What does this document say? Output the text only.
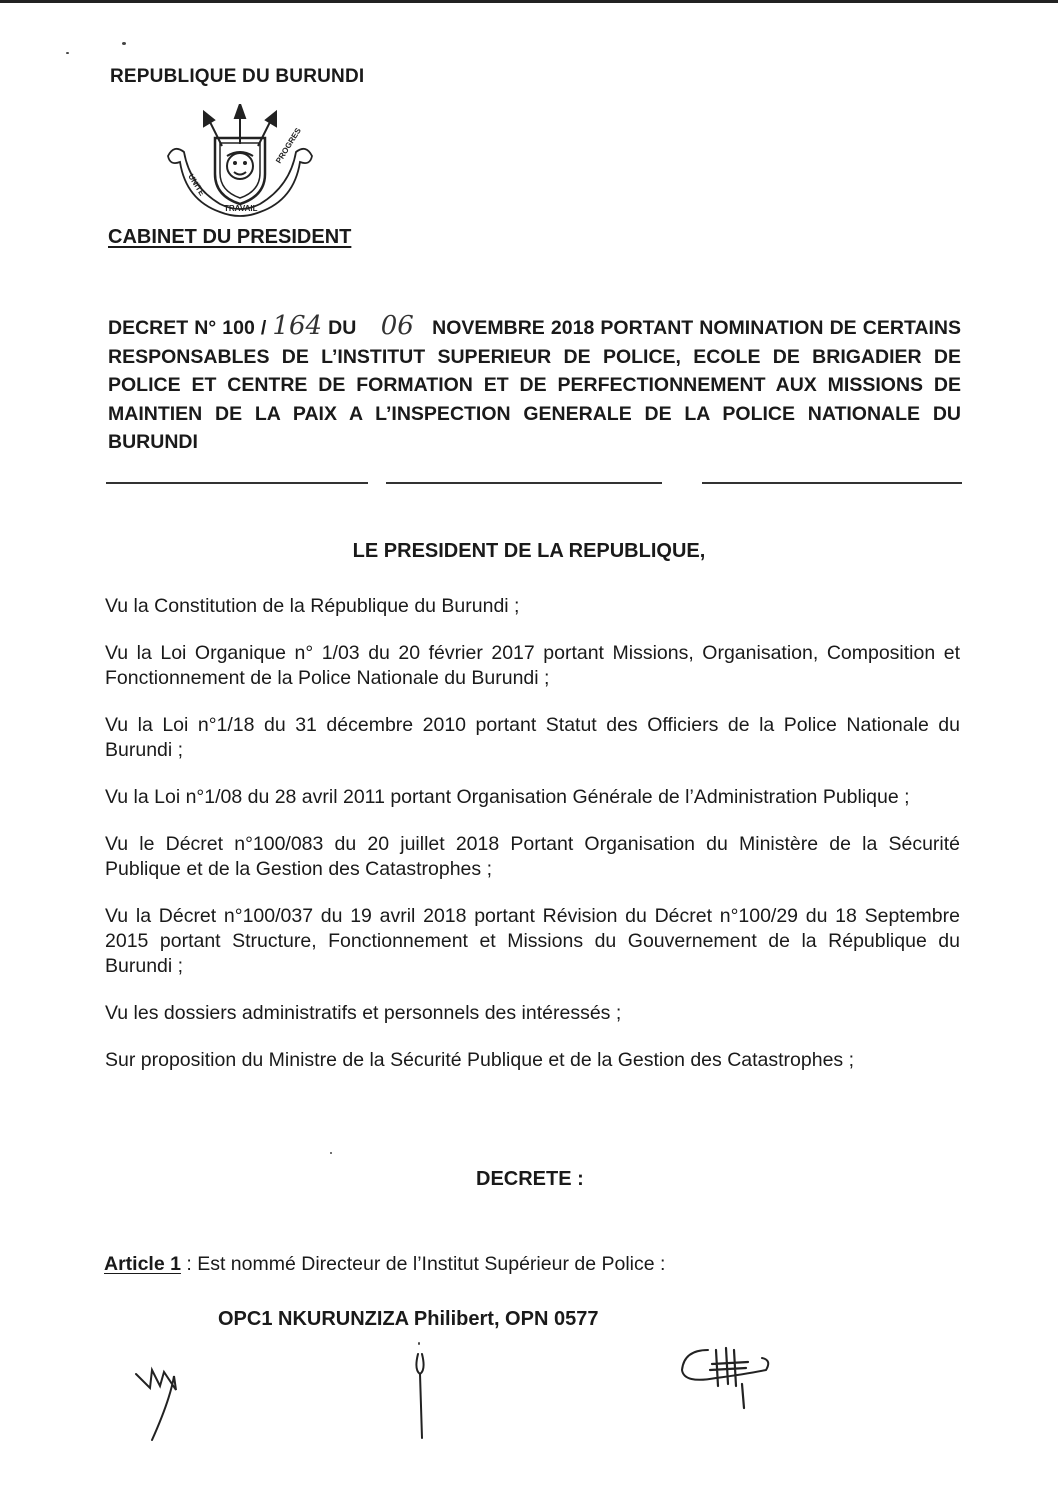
REPUBLIQUE DU BURUNDI
UNITE
TRAVAIL
PROGRES
CABINET DU PRESIDENT
DECRET N° 100 / 164 DU 06 NOVEMBRE 2018 PORTANT NOMINATION DE CERTAINS RESPONSABLES DE L’INSTITUT SUPERIEUR DE POLICE, ECOLE DE BRIGADIER DE POLICE ET CENTRE DE FORMATION ET DE PERFECTIONNEMENT AUX MISSIONS DE MAINTIEN DE LA PAIX A L’INSPECTION GENERALE DE LA POLICE NATIONALE DU BURUNDI
LE PRESIDENT DE LA REPUBLIQUE,

Vu la Constitution de la République du Burundi ;

Vu la Loi Organique n° 1/03 du 20 février 2017 portant Missions, Organisation, Composition et Fonctionnement de la Police Nationale du Burundi ;

Vu la Loi n°1/18 du 31 décembre 2010 portant Statut des Officiers de la Police Nationale du Burundi ;

Vu la Loi n°1/08 du 28 avril 2011 portant Organisation Générale de l’Administration Publique ;

Vu le Décret n°100/083 du 20 juillet 2018 Portant Organisation du Ministère de la Sécurité Publique et de la Gestion des Catastrophes ;

Vu la Décret n°100/037 du 19 avril 2018 portant Révision du Décret n°100/29 du 18 Septembre 2015 portant Structure, Fonctionnement et Missions du Gouvernement de la République du Burundi ;

Vu les dossiers administratifs et personnels des intéressés ;

Sur proposition du Ministre de la Sécurité Publique et de la Gestion des Catastrophes ;

DECRETE :
Article 1 : Est nommé Directeur de l’Institut Supérieur de Police :
OPC1 NKURUNZIZA Philibert, OPN 0577
